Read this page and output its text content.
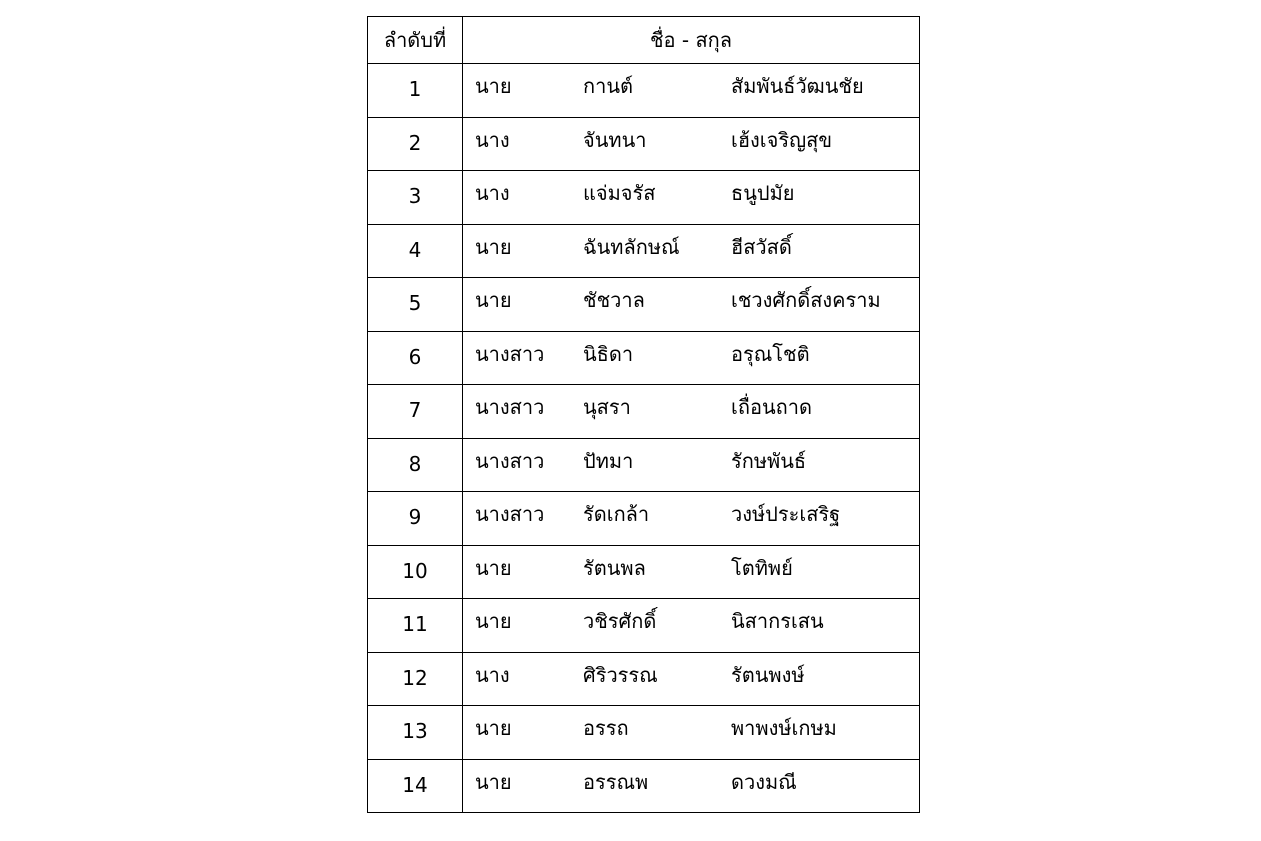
ลำดับที่	ชื่อ - สกุล
1	นาย กานต์ สัมพันธ์วัฒนชัย

2	นาง จันทนา เฮ้งเจริญสุข

3	นาง แจ่มจรัส ธนูปมัย

4	นาย ฉันทลักษณ์ ฮีสวัสดิ์

5	นาย ชัชวาล เชวงศักดิ์สงคราม

6	นางสาว นิธิดา อรุณโชติ

7	นางสาว นุสรา เถื่อนถาด

8	นางสาว ปัทมา รักษพันธ์

9	นางสาว รัดเกล้า วงษ์ประเสริฐ

10	นาย รัตนพล โตทิพย์

11	นาย วชิรศักดิ์ นิสากรเสน

12	นาง ศิริวรรณ รัตนพงษ์

13	นาย อรรถ พาพงษ์เกษม

14	นาย อรรณพ ดวงมณี
